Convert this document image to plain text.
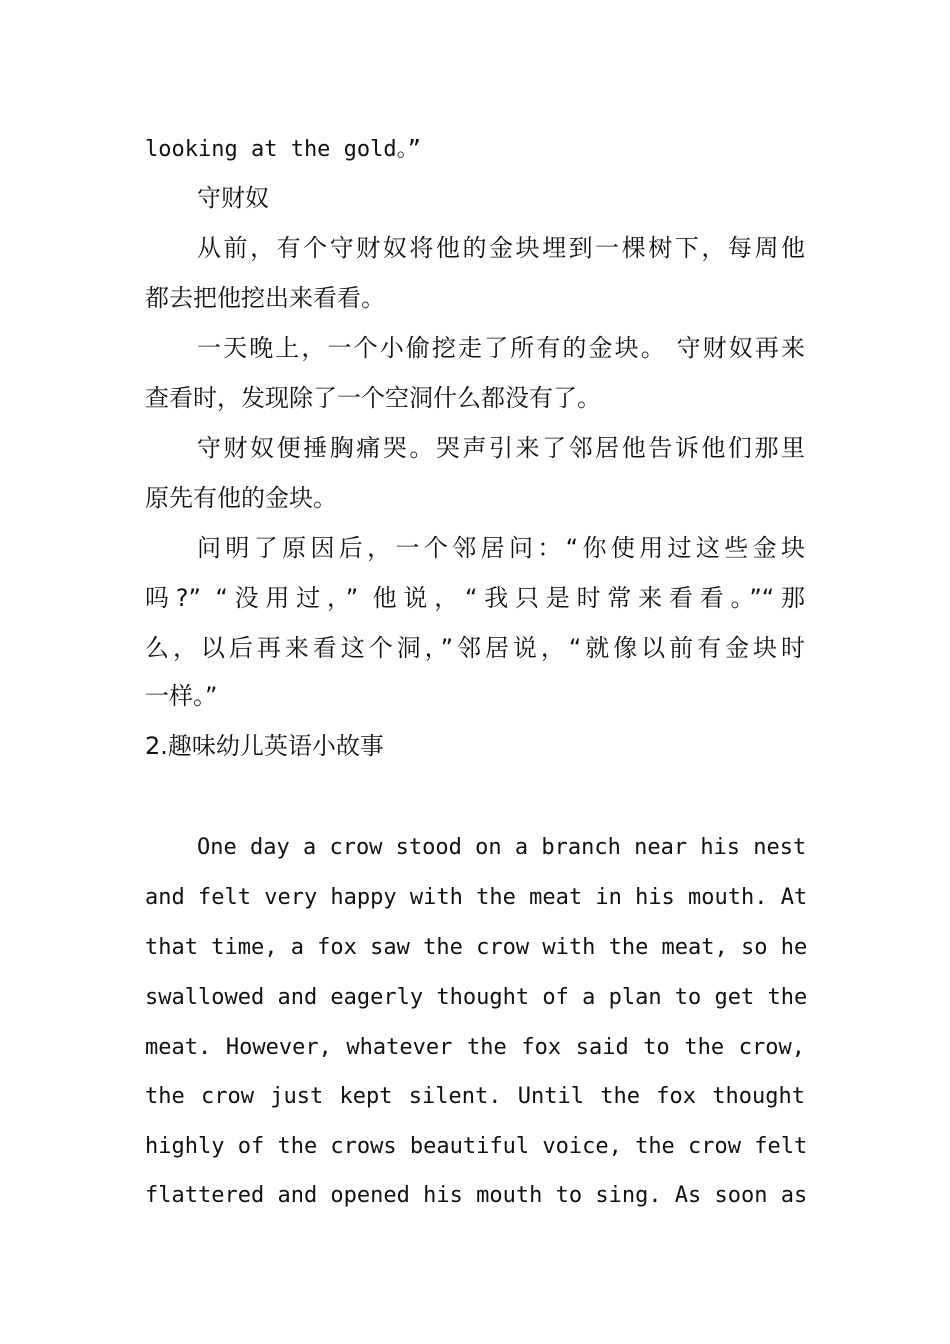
looking at the gold。”
守财奴
从前，有个守财奴将他的金块埋到一棵树下，每周他
都去把他挖出来看看。
一天晚上，一个小偷挖走了所有的金块。 守财奴再来
查看时，发现除了一个空洞什么都没有了。
守财奴便捶胸痛哭。哭声引来了邻居他告诉他们那里
原先有他的金块。
问明了原因后，一个邻居问：“你使用过这些金块
吗?” “没用过，” 他说，“我只是时常来看看。”“那
么，以后再来看这个洞，”邻居说，“就像以前有金块时
一样。”
2.趣味幼儿英语小故事
One day a crow stood on a branch near his nest
and felt very happy with the meat in his mouth. At
that time, a fox saw the crow with the meat, so he
swallowed and eagerly thought of a plan to get the
meat. However, whatever the fox said to the crow,
the crow just kept silent. Until the fox thought
highly of the crows beautiful voice, the crow felt
flattered and opened his mouth to sing. As soon as
